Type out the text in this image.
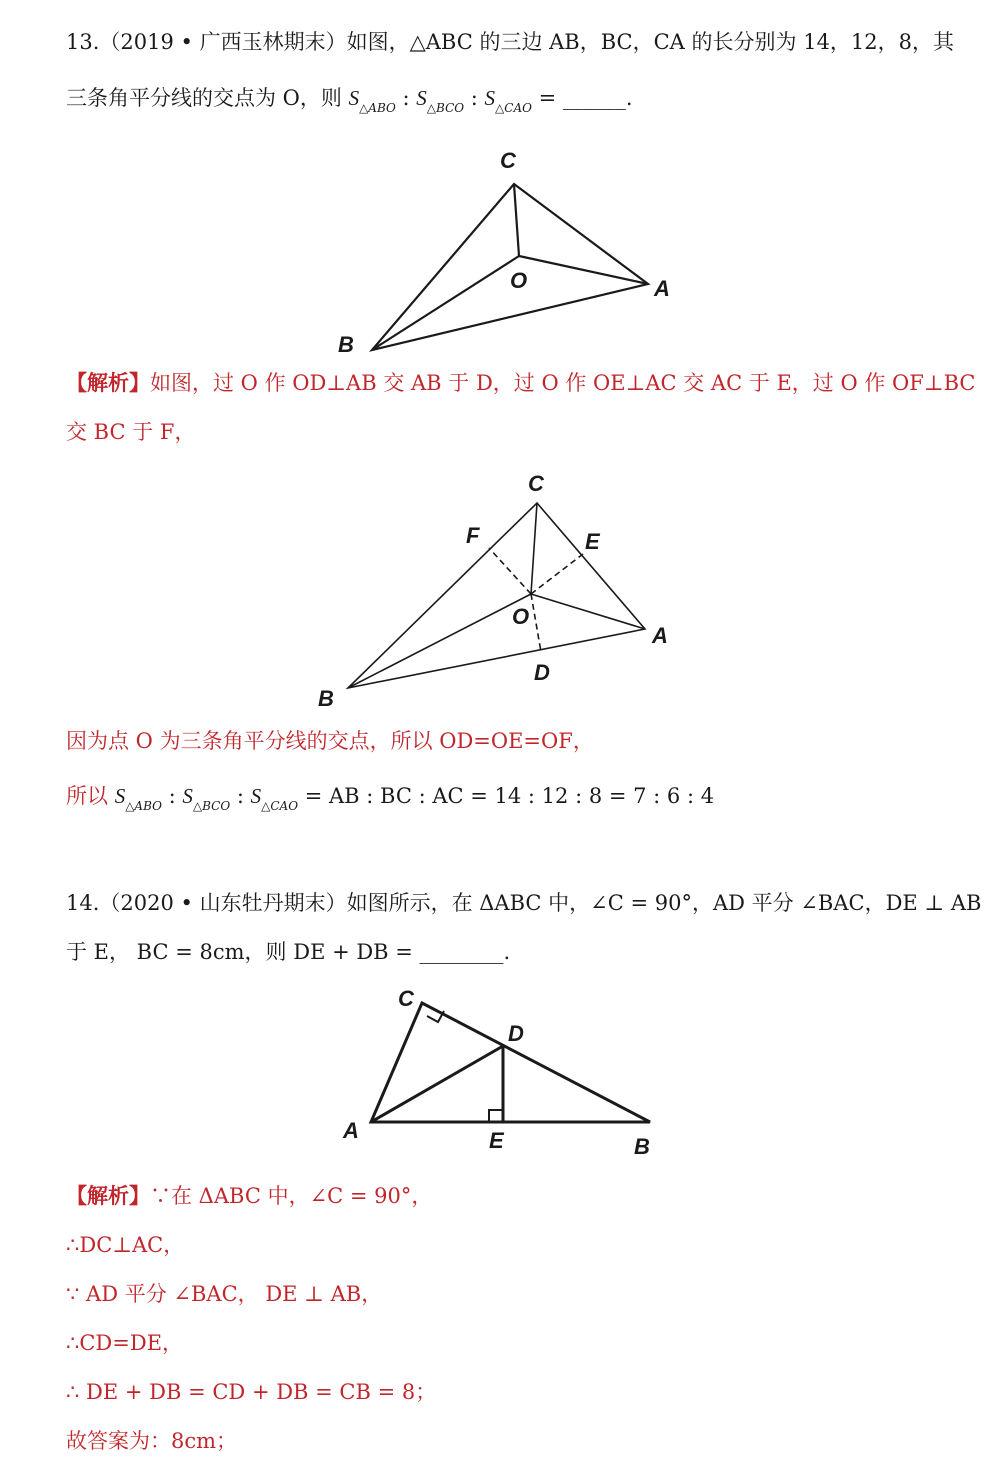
13.（2019 • 广西玉林期末）如图，△ABC 的三边 AB，BC，CA 的长分别为 14，12，8，其
三条角平分线的交点为 O，则 $S_{\triangle ABO}$ : $S_{\triangle BCO}$ : $S_{\triangle CAO}$ = ______.
C
O	A
B
C
F	E
O
A
D
B
C
D
A	E	B
【解析】如图，过 O 作 OD⊥AB 交 AB 于 D，过 O 作 OE⊥AC 交 AC 于 E，过 O 作 OF⊥BC
交 BC 于 F，
因为点 O 为三条角平分线的交点，所以 OD=OE=OF，
所以 $S_{\triangle ABO}$ : $S_{\triangle BCO}$ : $S_{\triangle CAO}$ = AB : BC : AC = 14 : 12 : 8 = 7 : 6 : 4
14.（2020 • 山东牡丹期末）如图所示，在 ΔABC 中，∠C = 90°，AD 平分 ∠BAC，DE ⊥ AB
于 E， BC = 8cm，则 DE + DB = ________.
【解析】∵在 ΔABC 中，∠C = 90°，
∴DC⊥AC，
∵ AD 平分 ∠BAC， DE ⊥ AB，
∴CD=DE，
∴ DE + DB = CD + DB = CB = 8；
故答案为：8cm；
